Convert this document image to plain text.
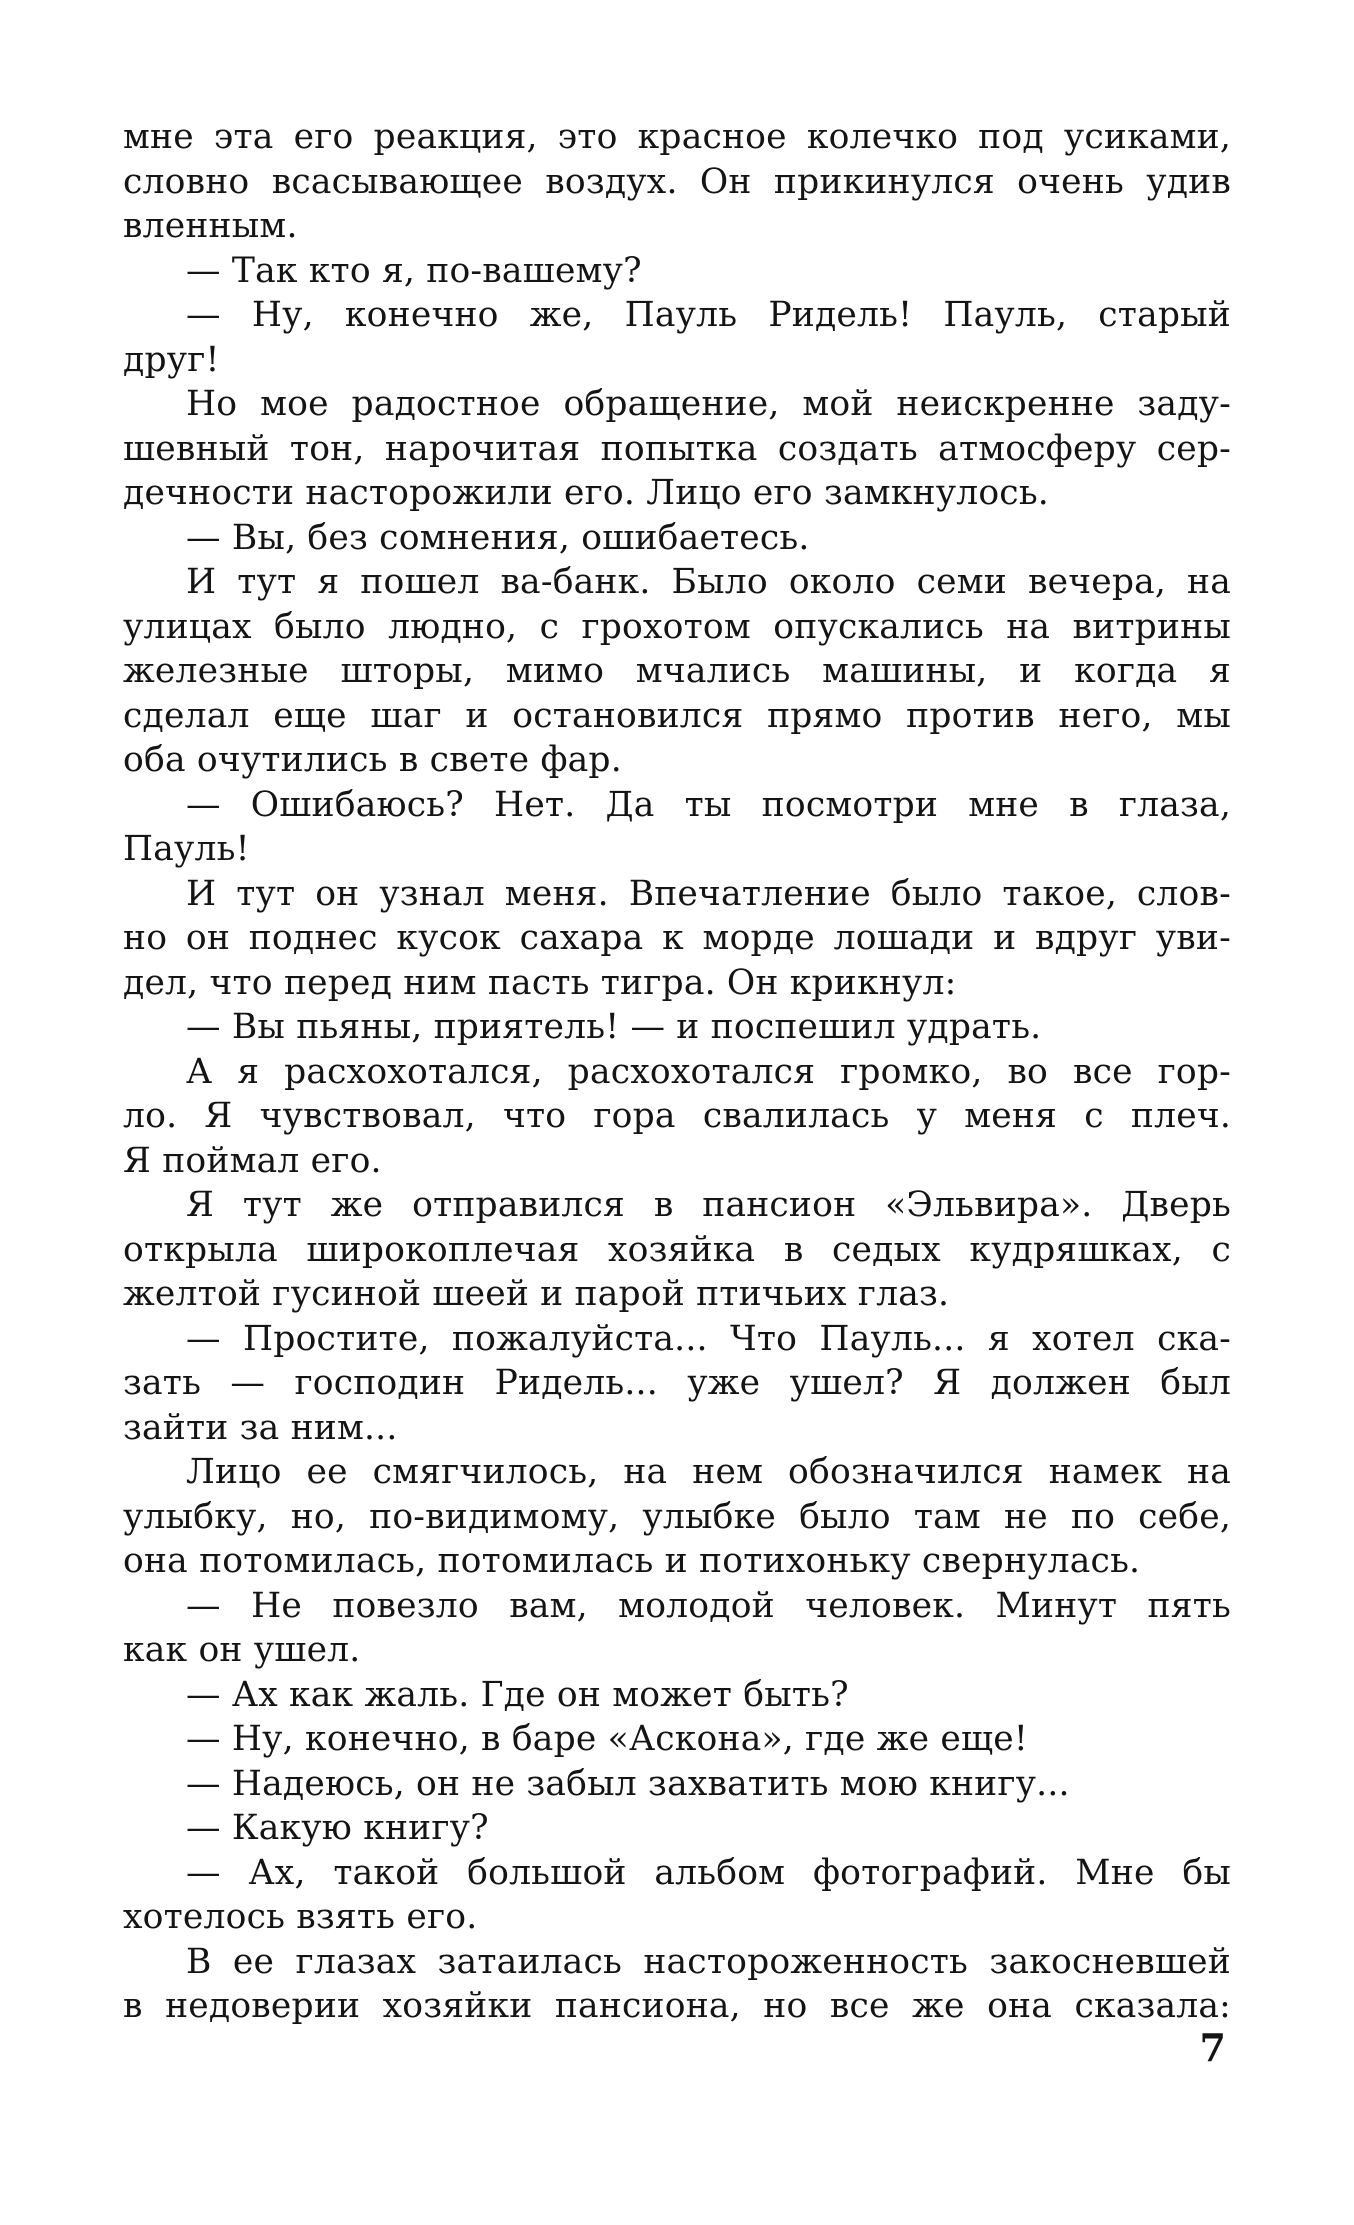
мне эта его реакция, это красное колечко под усиками,
словно всасывающее воздух. Он прикинулся очень удив
вленным.
— Так кто я, по-вашему?
— Ну, конечно же, Пауль Ридель! Пауль, старый
друг!
Но мое радостное обращение, мой неискренне заду-
шевный тон, нарочитая попытка создать атмосферу сер-
дечности насторожили его. Лицо его замкнулось.
— Вы, без сомнения, ошибаетесь.
И тут я пошел ва-банк. Было около семи вечера, на
улицах было людно, с грохотом опускались на витрины
железные шторы, мимо мчались машины, и когда я
сделал еще шаг и остановился прямо против него, мы
оба очутились в свете фар.
— Ошибаюсь? Нет. Да ты посмотри мне в глаза,
Пауль!
И тут он узнал меня. Впечатление было такое, слов-
но он поднес кусок сахара к морде лошади и вдруг уви-
дел, что перед ним пасть тигра. Он крикнул:
— Вы пьяны, приятель! — и поспешил удрать.
А я расхохотался, расхохотался громко, во все гор-
ло. Я чувствовал, что гора свалилась у меня с плеч.
Я поймал его.
Я тут же отправился в пансион «Эльвира». Дверь
открыла широкоплечая хозяйка в седых кудряшках, с
желтой гусиной шеей и парой птичьих глаз.
— Простите, пожалуйста... Что Пауль... я хотел ска-
зать — господин Ридель... уже ушел? Я должен был
зайти за ним...
Лицо ее смягчилось, на нем обозначился намек на
улыбку, но, по-видимому, улыбке было там не по себе,
она потомилась, потомилась и потихоньку свернулась.
— Не повезло вам, молодой человек. Минут пять
как он ушел.
— Ах как жаль. Где он может быть?
— Ну, конечно, в баре «Аскона», где же еще!
— Надеюсь, он не забыл захватить мою книгу...
— Какую книгу?
— Ах, такой большой альбом фотографий. Мне бы
хотелось взять его.
В ее глазах затаилась настороженность закосневшей
в недоверии хозяйки пансиона, но все же она сказала:
7
